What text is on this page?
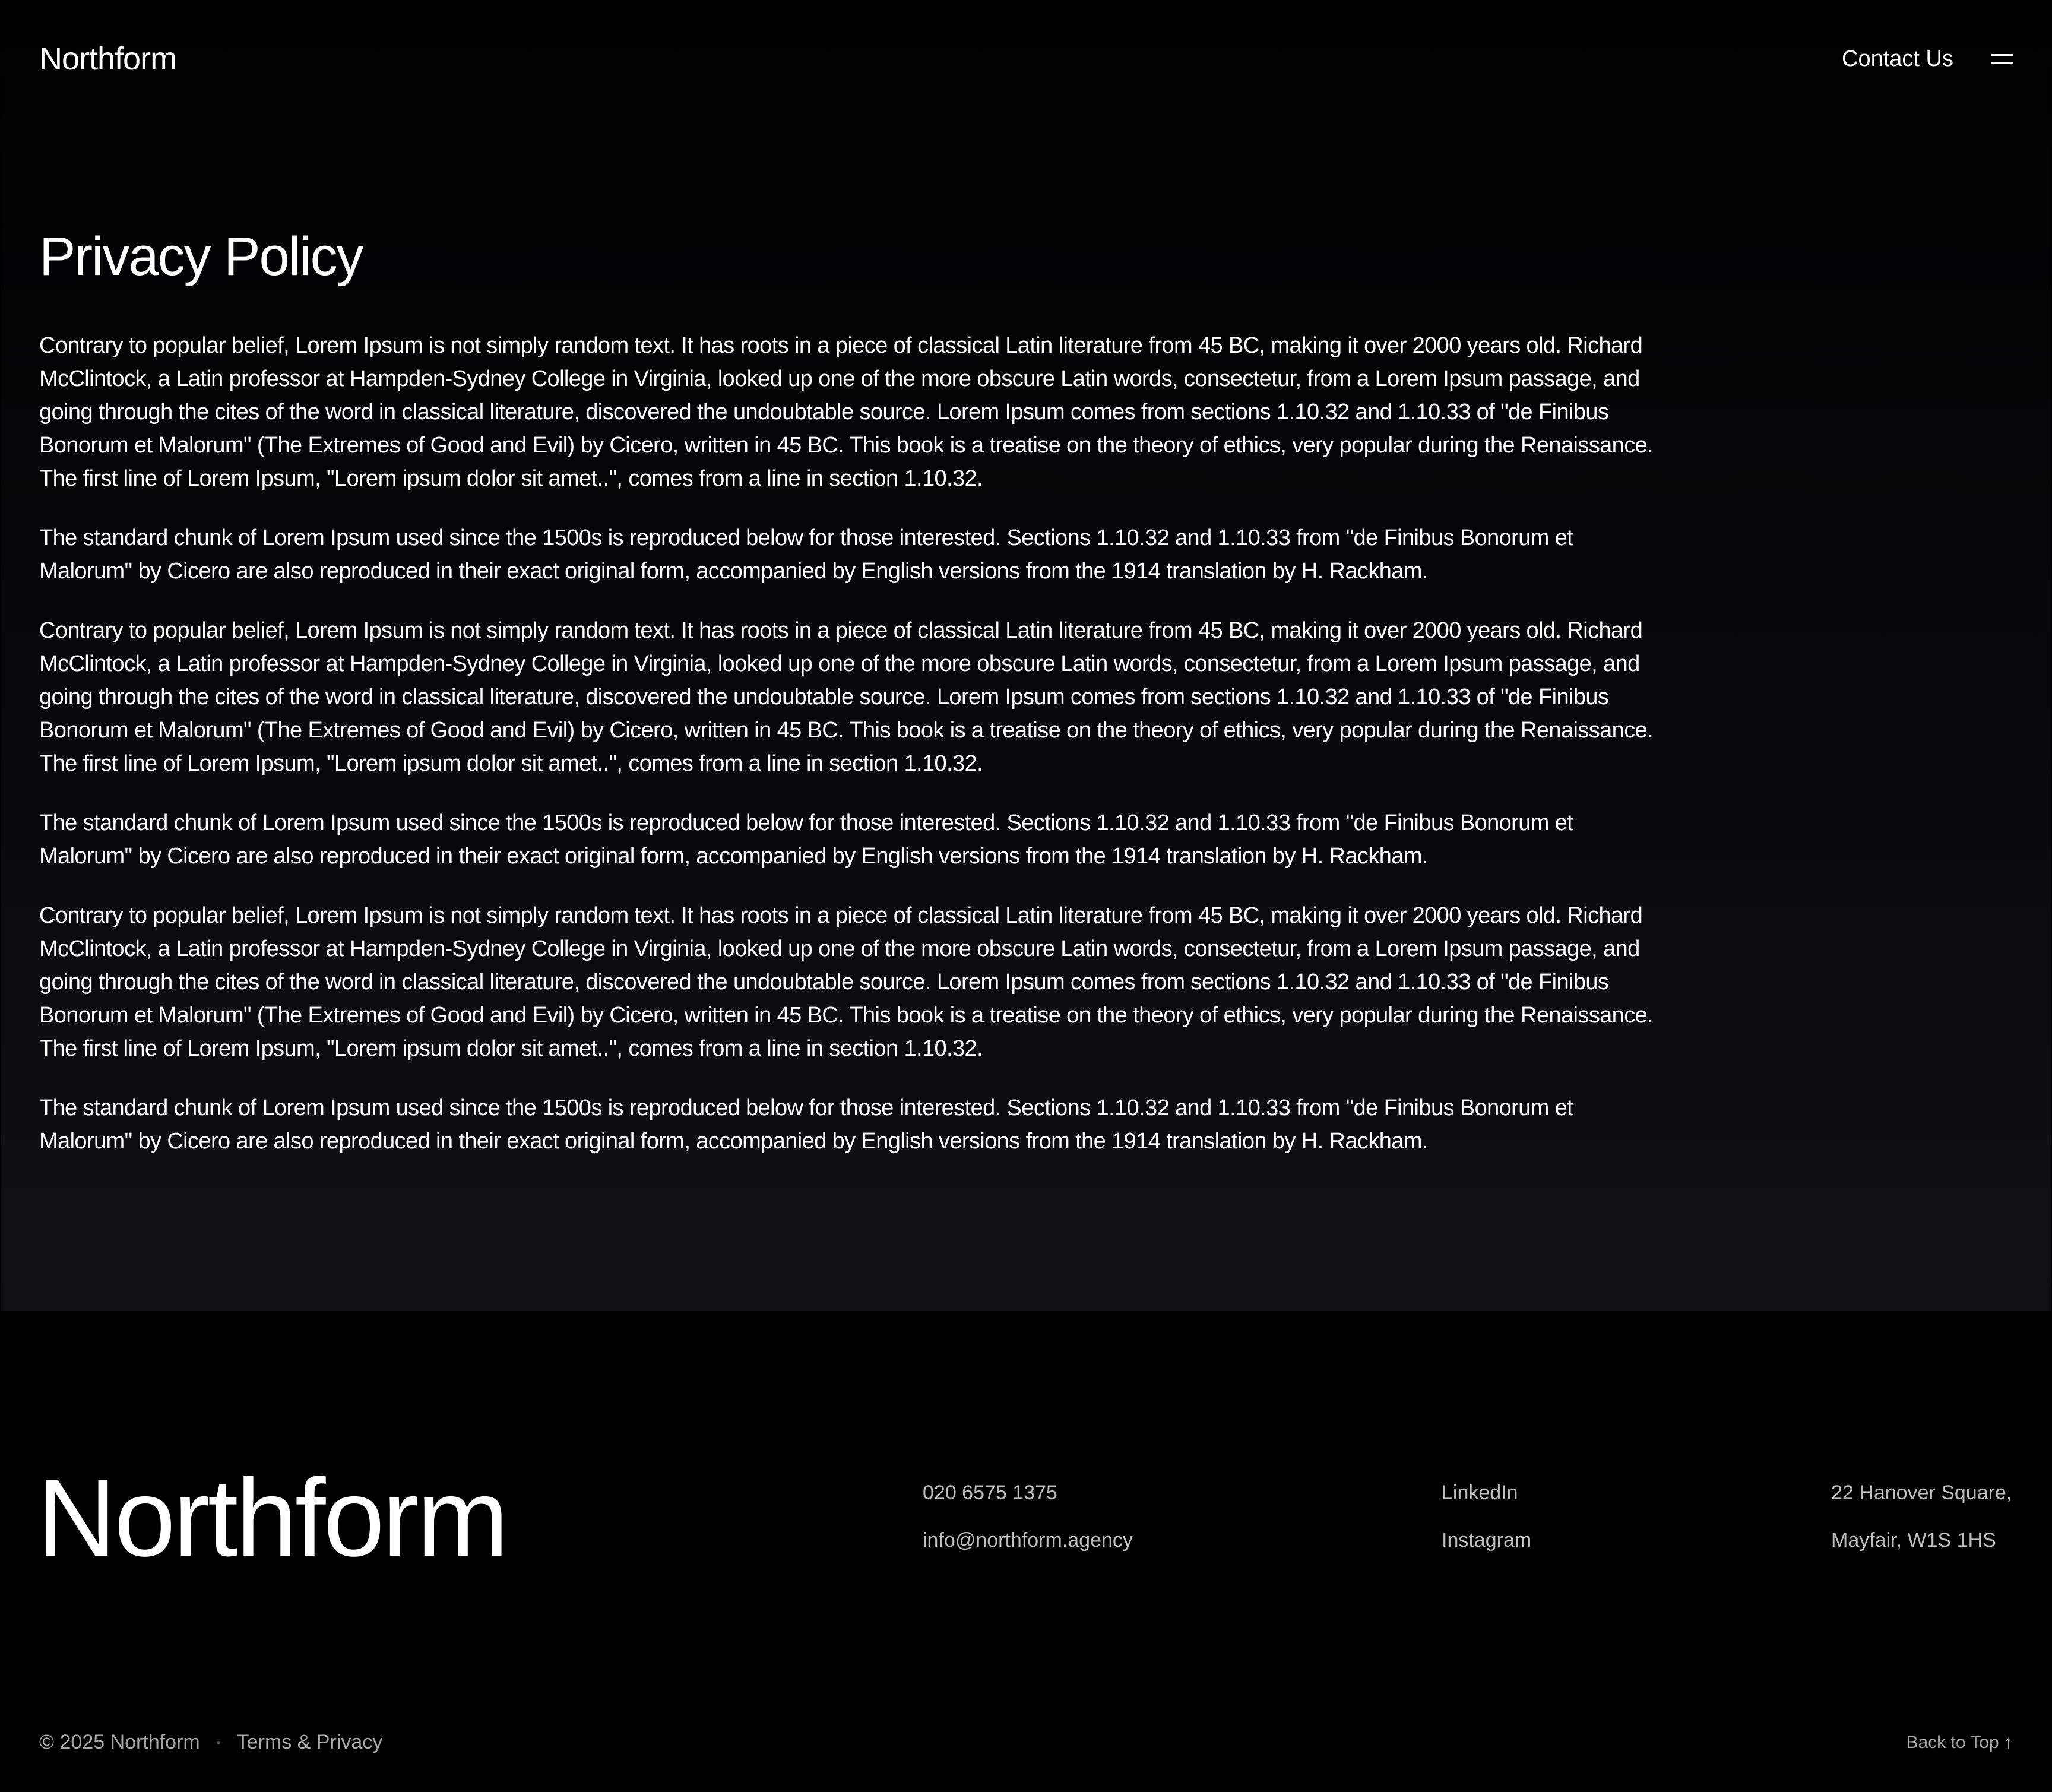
Northform	Contact Us
Privacy Policy

Contrary to popular belief, Lorem Ipsum is not simply random text. It has roots in a piece of classical Latin literature from 45 BC, making it over 2000 years old. Richard McClintock, a Latin professor at Hampden-Sydney College in Virginia, looked up one of the more obscure Latin words, consectetur, from a Lorem Ipsum passage, and going through the cites of the word in classical literature, discovered the undoubtable source. Lorem Ipsum comes from sections 1.10.32 and 1.10.33 of "de Finibus Bonorum et Malorum" (The Extremes of Good and Evil) by Cicero, written in 45 BC. This book is a treatise on the theory of ethics, very popular during the Renaissance. The first line of Lorem Ipsum, "Lorem ipsum dolor sit amet..", comes from a line in section 1.10.32.

The standard chunk of Lorem Ipsum used since the 1500s is reproduced below for those interested. Sections 1.10.32 and 1.10.33 from "de Finibus Bonorum et Malorum" by Cicero are also reproduced in their exact original form, accompanied by English versions from the 1914 translation by H. Rackham.

Contrary to popular belief, Lorem Ipsum is not simply random text. It has roots in a piece of classical Latin literature from 45 BC, making it over 2000 years old. Richard McClintock, a Latin professor at Hampden-Sydney College in Virginia, looked up one of the more obscure Latin words, consectetur, from a Lorem Ipsum passage, and going through the cites of the word in classical literature, discovered the undoubtable source. Lorem Ipsum comes from sections 1.10.32 and 1.10.33 of "de Finibus Bonorum et Malorum" (The Extremes of Good and Evil) by Cicero, written in 45 BC. This book is a treatise on the theory of ethics, very popular during the Renaissance. The first line of Lorem Ipsum, "Lorem ipsum dolor sit amet..", comes from a line in section 1.10.32.

The standard chunk of Lorem Ipsum used since the 1500s is reproduced below for those interested. Sections 1.10.32 and 1.10.33 from "de Finibus Bonorum et Malorum" by Cicero are also reproduced in their exact original form, accompanied by English versions from the 1914 translation by H. Rackham.

Contrary to popular belief, Lorem Ipsum is not simply random text. It has roots in a piece of classical Latin literature from 45 BC, making it over 2000 years old. Richard McClintock, a Latin professor at Hampden-Sydney College in Virginia, looked up one of the more obscure Latin words, consectetur, from a Lorem Ipsum passage, and going through the cites of the word in classical literature, discovered the undoubtable source. Lorem Ipsum comes from sections 1.10.32 and 1.10.33 of "de Finibus Bonorum et Malorum" (The Extremes of Good and Evil) by Cicero, written in 45 BC. This book is a treatise on the theory of ethics, very popular during the Renaissance. The first line of Lorem Ipsum, "Lorem ipsum dolor sit amet..", comes from a line in section 1.10.32.

The standard chunk of Lorem Ipsum used since the 1500s is reproduced below for those interested. Sections 1.10.32 and 1.10.33 from "de Finibus Bonorum et Malorum" by Cicero are also reproduced in their exact original form, accompanied by English versions from the 1914 translation by H. Rackham.

Northform	020 6575 1375
info@northform.agency
LinkedIn
Instagram
22 Hanover Square,
Mayfair, W1S 1HS
© 2025 Northform Terms & Privacy	Back to Top ↑
